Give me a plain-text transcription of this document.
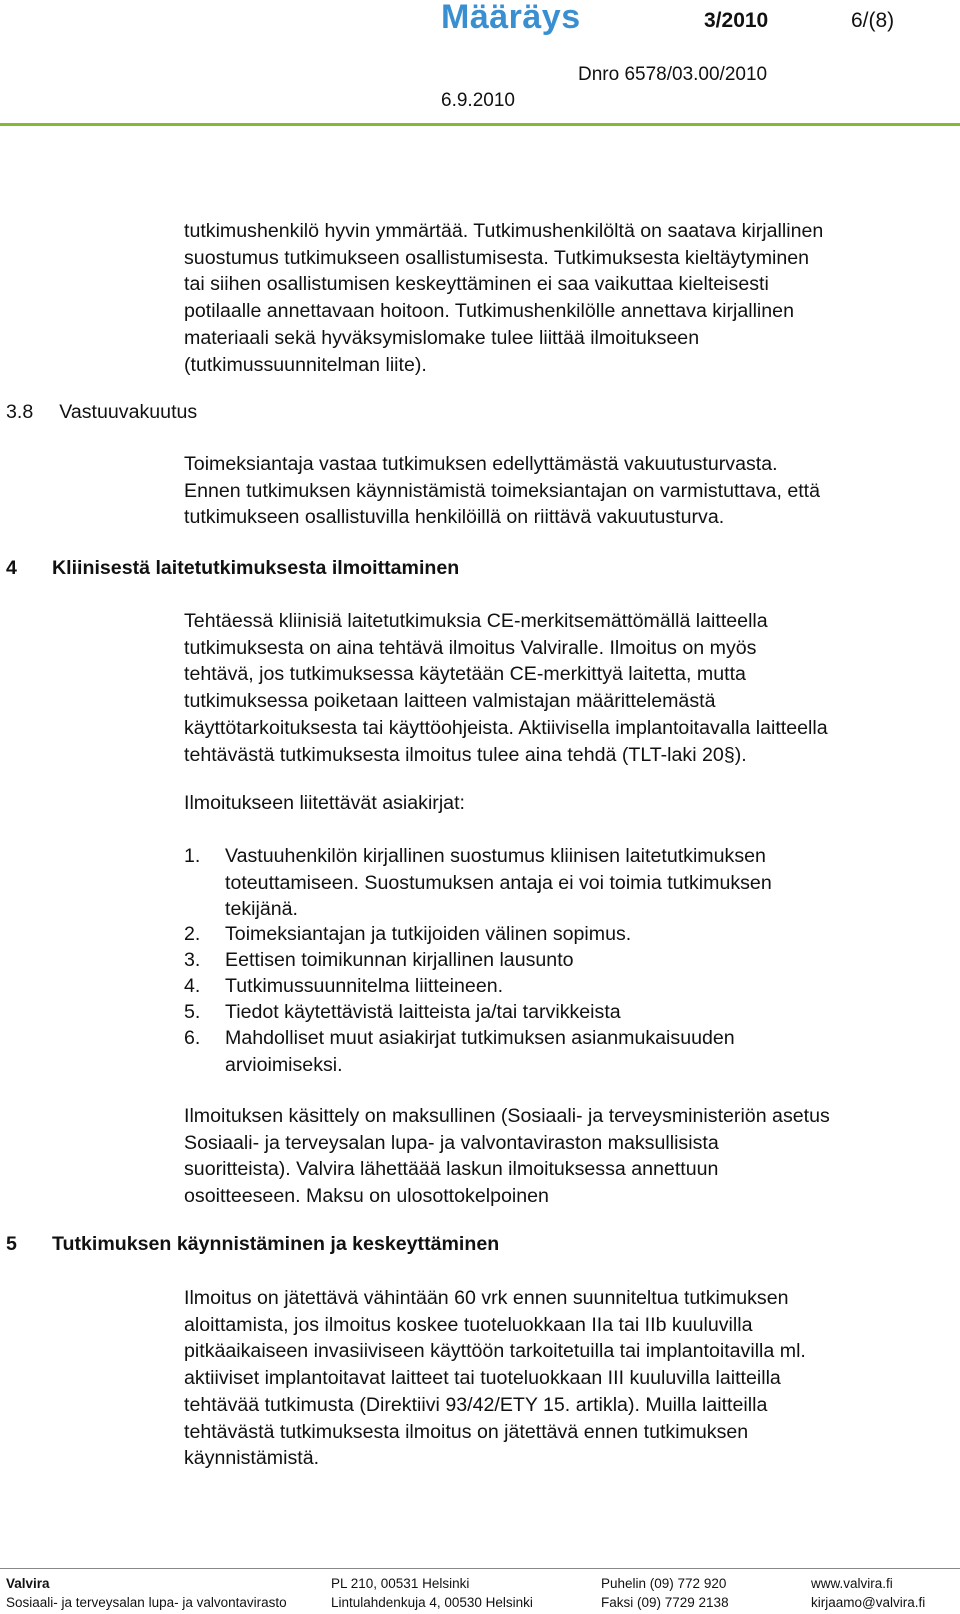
Määräys	3/2010	6/(8)
Dnro 6578/03.00/2010
6.9.2010
tutkimushenkilö hyvin ymmärtää. Tutkimushenkilöltä on saatava kirjallinen
suostumus tutkimukseen osallistumisesta. Tutkimuksesta kieltäytyminen
tai siihen osallistumisen keskeyttäminen ei saa vaikuttaa kielteisesti
potilaalle annettavaan hoitoon. Tutkimushenkilölle annettava kirjallinen
materiaali sekä hyväksymislomake tulee liittää ilmoitukseen
(tutkimussuunnitelman liite).
3.8 Vastuuvakuutus
Toimeksiantaja vastaa tutkimuksen edellyttämästä vakuutusturvasta.
Ennen tutkimuksen käynnistämistä toimeksiantajan on varmistuttava, että
tutkimukseen osallistuvilla henkilöillä on riittävä vakuutusturva.
4 Kliinisestä laitetutkimuksesta ilmoittaminen
Tehtäessä kliinisiä laitetutkimuksia CE-merkitsemättömällä laitteella
tutkimuksesta on aina tehtävä ilmoitus Valviralle. Ilmoitus on myös
tehtävä, jos tutkimuksessa käytetään CE-merkittyä laitetta, mutta
tutkimuksessa poiketaan laitteen valmistajan määrittelemästä
käyttötarkoituksesta tai käyttöohjeista. Aktiivisella implantoitavalla laitteella
tehtävästä tutkimuksesta ilmoitus tulee aina tehdä (TLT-laki 20§).
Ilmoitukseen liitettävät asiakirjat:
1. Vastuuhenkilön kirjallinen suostumus kliinisen laitetutkimuksen
toteuttamiseen. Suostumuksen antaja ei voi toimia tutkimuksen
tekijänä.
2. Toimeksiantajan ja tutkijoiden välinen sopimus.
3. Eettisen toimikunnan kirjallinen lausunto
4. Tutkimussuunnitelma liitteineen.
5. Tiedot käytettävistä laitteista ja/tai tarvikkeista
6. Mahdolliset muut asiakirjat tutkimuksen asianmukaisuuden
arvioimiseksi.
Ilmoituksen käsittely on maksullinen (Sosiaali- ja terveysministeriön asetus
Sosiaali- ja terveysalan lupa- ja valvontaviraston maksullisista
suoritteista). Valvira lähettäää laskun ilmoituksessa annettuun
osoitteeseen. Maksu on ulosottokelpoinen
5 Tutkimuksen käynnistäminen ja keskeyttäminen
Ilmoitus on jätettävä vähintään 60 vrk ennen suunniteltua tutkimuksen
aloittamista, jos ilmoitus koskee tuoteluokkaan IIa tai IIb kuuluvilla
pitkäaikaiseen invasiiviseen käyttöön tarkoitetuilla tai implantoitavilla ml.
aktiiviset implantoitavat laitteet tai tuoteluokkaan III kuuluvilla laitteilla
tehtävää tutkimusta (Direktiivi 93/42/ETY 15. artikla). Muilla laitteilla
tehtävästä tutkimuksesta ilmoitus on jätettävä ennen tutkimuksen
käynnistämistä.
Valvira
Sosiaali- ja terveysalan lupa- ja valvontavirasto
PL 210, 00531 Helsinki
Lintulahdenkuja 4, 00530 Helsinki
Puhelin (09) 772 920
Faksi (09) 7729 2138
www.valvira.fi
kirjaamo@valvira.fi
